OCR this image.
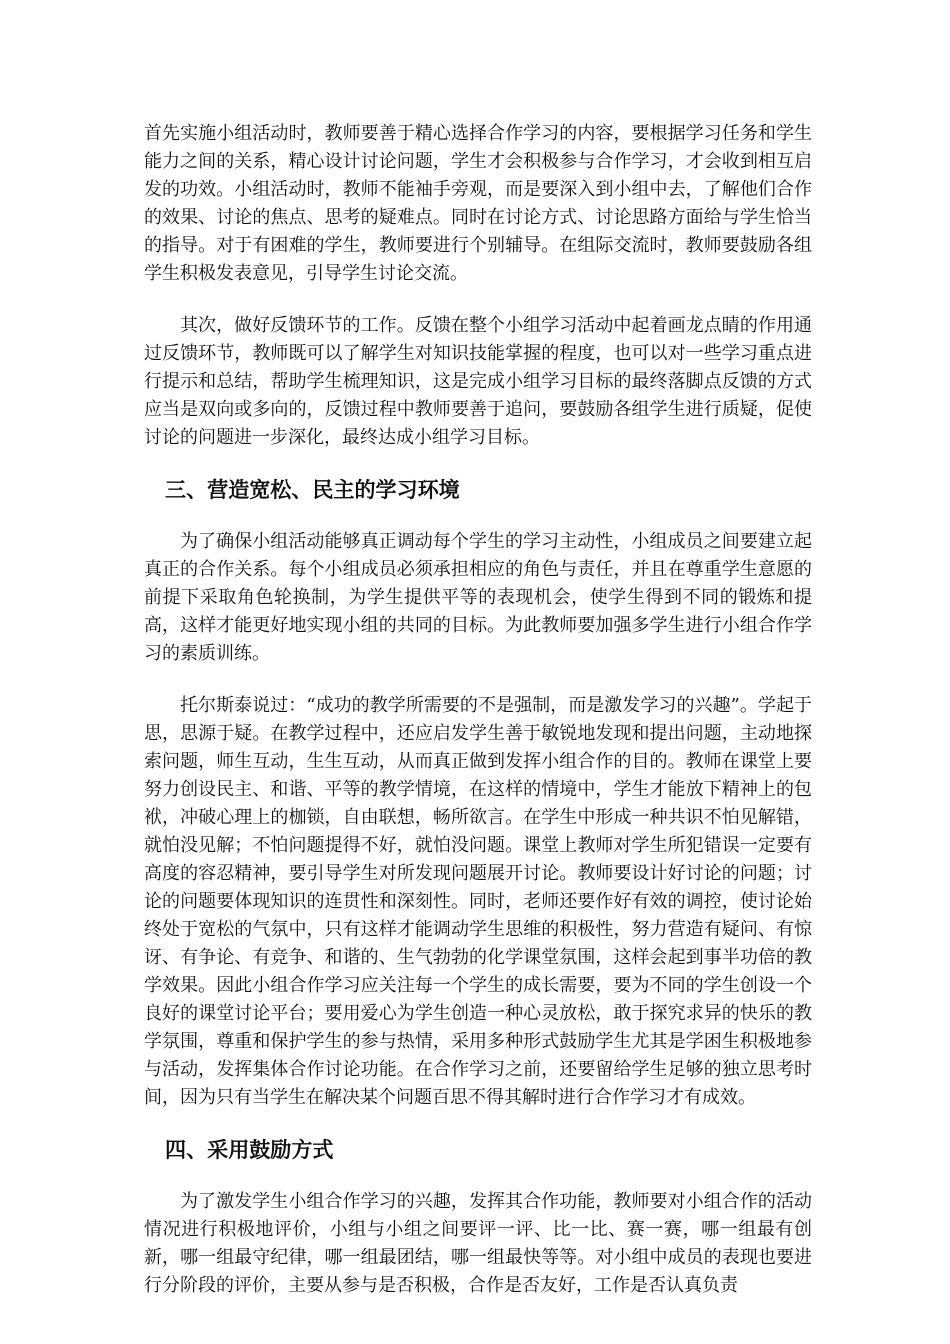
首先实施小组活动时，教师要善于精心选择合作学习的内容，要根据学习任务和学生能力之间的关系，精心设计讨论问题，学生才会积极参与合作学习，才会收到相互启发的功效。小组活动时，教师不能袖手旁观，而是要深入到小组中去，了解他们合作的效果、讨论的焦点、思考的疑难点。同时在讨论方式、讨论思路方面给与学生恰当的指导。对于有困难的学生，教师要进行个别辅导。在组际交流时，教师要鼓励各组学生积极发表意见，引导学生讨论交流。

其次，做好反馈环节的工作。反馈在整个小组学习活动中起着画龙点睛的作用通过反馈环节，教师既可以了解学生对知识技能掌握的程度，也可以对一些学习重点进行提示和总结，帮助学生梳理知识，这是完成小组学习目标的最终落脚点反馈的方式应当是双向或多向的，反馈过程中教师要善于追问，要鼓励各组学生进行质疑，促使讨论的问题进一步深化，最终达成小组学习目标。

三、营造宽松、民主的学习环境

为了确保小组活动能够真正调动每个学生的学习主动性，小组成员之间要建立起真正的合作关系。每个小组成员必须承担相应的角色与责任，并且在尊重学生意愿的前提下采取角色轮换制，为学生提供平等的表现机会，使学生得到不同的锻炼和提高，这样才能更好地实现小组的共同的目标。为此教师要加强多学生进行小组合作学习的素质训练。

托尔斯泰说过：“成功的教学所需要的不是强制，而是激发学习的兴趣”。学起于思，思源于疑。在教学过程中，还应启发学生善于敏锐地发现和提出问题，主动地探索问题，师生互动，生生互动，从而真正做到发挥小组合作的目的。教师在课堂上要努力创设民主、和谐、平等的教学情境，在这样的情境中，学生才能放下精神上的包袱，冲破心理上的枷锁，自由联想，畅所欲言。在学生中形成一种共识不怕见解错，就怕没见解；不怕问题提得不好，就怕没问题。课堂上教师对学生所犯错误一定要有高度的容忍精神，要引导学生对所发现问题展开讨论。教师要设计好讨论的问题；讨论的问题要体现知识的连贯性和深刻性。同时，老师还要作好有效的调控，使讨论始终处于宽松的气氛中，只有这样才能调动学生思维的积极性，努力营造有疑问、有惊讶、有争论、有竞争、和谐的、生气勃勃的化学课堂氛围，这样会起到事半功倍的教学效果。因此小组合作学习应关注每一个学生的成长需要，要为不同的学生创设一个良好的课堂讨论平台；要用爱心为学生创造一种心灵放松，敢于探究求异的快乐的教学氛围，尊重和保护学生的参与热情，采用多种形式鼓励学生尤其是学困生积极地参与活动，发挥集体合作讨论功能。在合作学习之前，还要留给学生足够的独立思考时间，因为只有当学生在解决某个问题百思不得其解时进行合作学习才有成效。

四、采用鼓励方式

为了激发学生小组合作学习的兴趣，发挥其合作功能，教师要对小组合作的活动情况进行积极地评价，小组与小组之间要评一评、比一比、赛一赛，哪一组最有创新，哪一组最守纪律，哪一组最团结，哪一组最快等等。对小组中成员的表现也要进行分阶段的评价，主要从参与是否积极，合作是否友好，工作是否认真负责
